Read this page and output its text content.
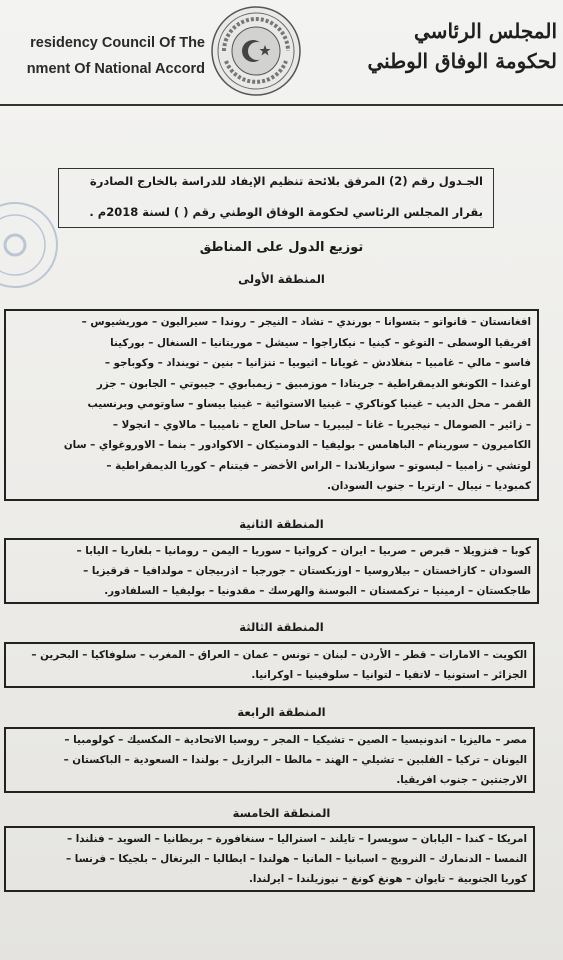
residency Council Of The
nment Of National Accord
المجلس الرئاسي
لحكومة الوفاق الوطني
الجـدول رقم (2) المرفق بلائحة تنظيم الإيفاد للدراسة بالخارج الصادرة
بقرار المجلس الرئاسي لحكومة الوفاق الوطني رقم ( ) لسنة 2018م .
توزيع الدول على المناطق
المنطقة الأولى
افغانستان – فانواتو – بتسوانا – بورندي – تشاد – النيجر – روندا – سيراليون – موريشيوس –
افريقيا الوسطى – التوغو – كينيا – نيكاراجوا – سيشل – موريتانيا – السنغال – بوركينا
فاسو – مالي – غامبيا – بنغلادش – غويانا – اثيوبيا – تنزانيا – بنين – توينداد – وكوباجو –
اوغندا – الكونغو الديمقراطية – جرينادا – موزمبيق – زيمبابوي – جيبوتي – الجابون – جزر
القمر – محل الديب – غينيا كوناكري – غينيا الاستوائية – غينيا بيساو – ساوتومي وبرنسيب
– زائير – الصومال – نيجيريا – غانا – ليبيريا – ساحل العاج – ناميبيا – مالاوي – انجولا –
الكاميرون – سورينام – الباهامس – بوليفيا – الدومنيكان – الاكوادور – بنما – الاوروغواي – سان
لوتشي – زامبيا – ليسوتو – سوازيلاندا – الراس الأخضر – فيتنام – كوريا الديمقراطية –
كمبوديا – نيبال – ارتريا – جنوب السودان.
المنطقة الثانية
كوبا – فنزويلا – قبرص – صربيا – ايران – كرواتيا – سوريا – اليمن – رومانيا – بلغاريا – اليابا –
السودان – كازاخستان – بيلاروسيا – اوزبكستان – جورجيا – اذربيجان – مولدافيا – قرقيزيا –
طاجكستان – ارمينيا – تركمستان – البوسنة والهرسك – مقدونيا – بوليفيا – السلفادور.
المنطقة الثالثة
الكويت – الامارات – قطر – الأردن – لبنان – تونس – عمان – العراق – المغرب – سلوفاكيا – البحرين –
الجزائر – استونيا – لاتفيا – لتوانيا – سلوفينيا – اوكرانيا.
المنطقة الرابعة
مصر – ماليزيا – اندونيسيا – الصين – تشيكيا – المجر – روسيا الاتحادية – المكسيك – كولومبيا –
اليونان – تركيا – الفلبين – تشيلي – الهند – مالطا – البرازيل – بولندا – السعودية – الباكستان –
الارجنتين – جنوب افريقيا.
المنطقة الخامسة
امريكا – كندا – اليابان – سويسرا – تايلند – استراليا – سنغافورة – بريطانيا – السويد – فنلندا –
النمسا – الدنمارك – النرويج – اسبانيا – المانيا – هولندا – ايطاليا – البرتغال – بلجيكا – فرنسا –
كوريا الجنوبية – تايوان – هونغ كونغ – نيوزيلندا – ايرلندا.
